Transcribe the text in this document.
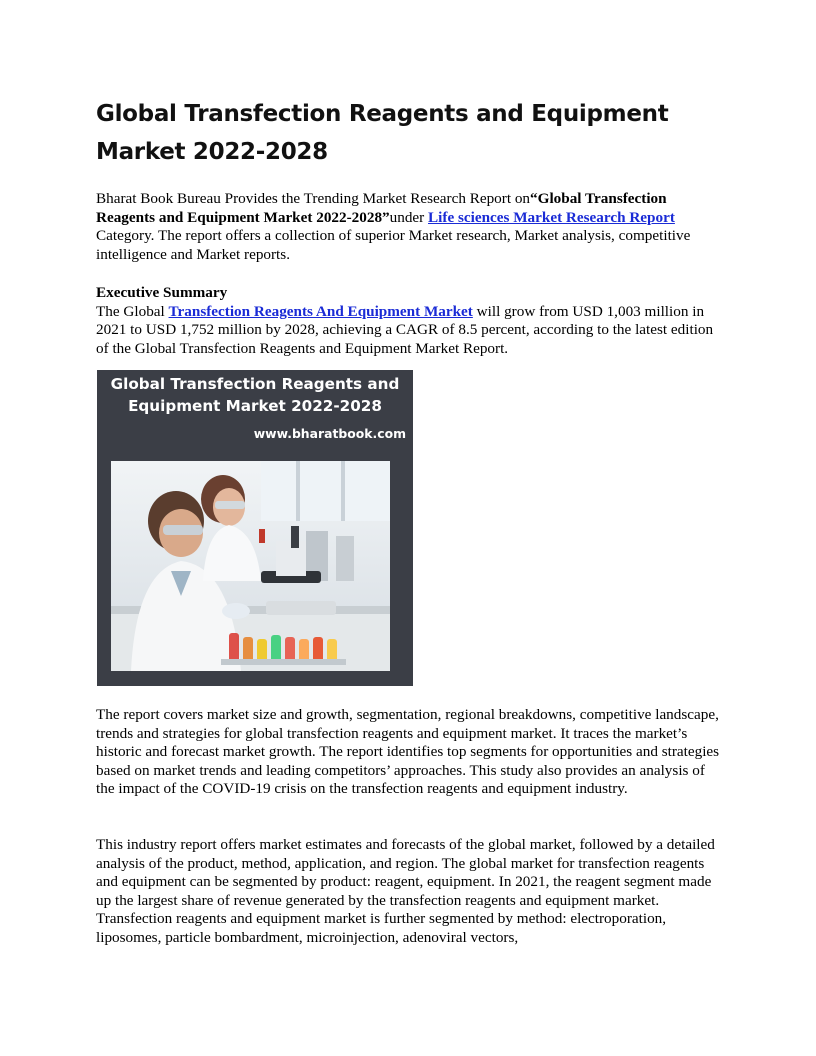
Global Transfection Reagents and Equipment Market 2022-2028
Bharat Book Bureau Provides the Trending Market Research Report on“Global Transfection Reagents and Equipment Market 2022-2028”under Life sciences Market Research Report Category. The report offers a collection of superior Market research, Market analysis, competitive intelligence and Market reports.
Executive Summary
The Global Transfection Reagents And Equipment Market will grow from USD 1,003 million in 2021 to USD 1,752 million by 2028, achieving a CAGR of 8.5 percent, according to the latest edition of the Global Transfection Reagents and Equipment Market Report.
Global Transfection Reagents and Equipment Market 2022-2028
www.bharatbook.com
The report covers market size and growth, segmentation, regional breakdowns, competitive landscape, trends and strategies for global transfection reagents and equipment market. It traces the market’s historic and forecast market growth. The report identifies top segments for opportunities and strategies based on market trends and leading competitors’ approaches. This study also provides an analysis of the impact of the COVID-19 crisis on the transfection reagents and equipment industry.
This industry report offers market estimates and forecasts of the global market, followed by a detailed analysis of the product, method, application, and region. The global market for transfection reagents and equipment can be segmented by product: reagent, equipment. In 2021, the reagent segment made up the largest share of revenue generated by the transfection reagents and equipment market. Transfection reagents and equipment market is further segmented by method: electroporation, liposomes, particle bombardment, microinjection, adenoviral vectors,
